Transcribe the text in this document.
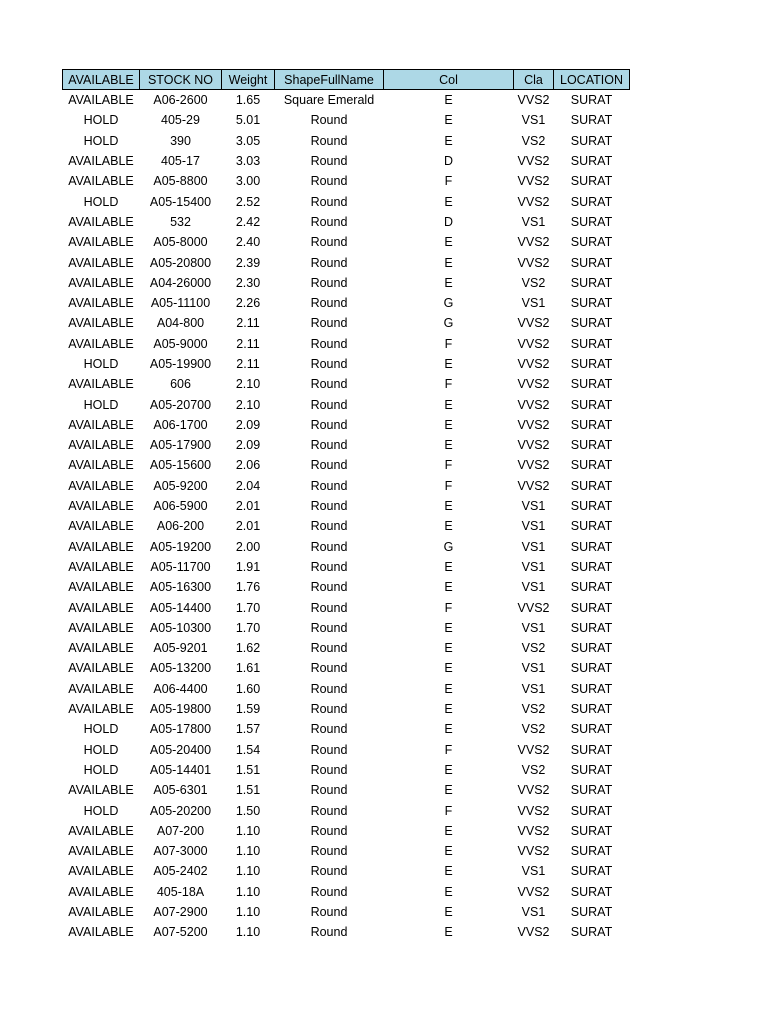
AVAILABLE	STOCK NO	Weight	ShapeFullName	Col	Cla	LOCATION
AVAILABLE	A06-2600	1.65	Square Emerald	E	VVS2	SURAT
HOLD	405-29	5.01	Round	E	VS1	SURAT
HOLD	390	3.05	Round	E	VS2	SURAT
AVAILABLE	405-17	3.03	Round	D	VVS2	SURAT
AVAILABLE	A05-8800	3.00	Round	F	VVS2	SURAT
HOLD	A05-15400	2.52	Round	E	VVS2	SURAT
AVAILABLE	532	2.42	Round	D	VS1	SURAT
AVAILABLE	A05-8000	2.40	Round	E	VVS2	SURAT
AVAILABLE	A05-20800	2.39	Round	E	VVS2	SURAT
AVAILABLE	A04-26000	2.30	Round	E	VS2	SURAT
AVAILABLE	A05-11100	2.26	Round	G	VS1	SURAT
AVAILABLE	A04-800	2.11	Round	G	VVS2	SURAT
AVAILABLE	A05-9000	2.11	Round	F	VVS2	SURAT
HOLD	A05-19900	2.11	Round	E	VVS2	SURAT
AVAILABLE	606	2.10	Round	F	VVS2	SURAT
HOLD	A05-20700	2.10	Round	E	VVS2	SURAT
AVAILABLE	A06-1700	2.09	Round	E	VVS2	SURAT
AVAILABLE	A05-17900	2.09	Round	E	VVS2	SURAT
AVAILABLE	A05-15600	2.06	Round	F	VVS2	SURAT
AVAILABLE	A05-9200	2.04	Round	F	VVS2	SURAT
AVAILABLE	A06-5900	2.01	Round	E	VS1	SURAT
AVAILABLE	A06-200	2.01	Round	E	VS1	SURAT
AVAILABLE	A05-19200	2.00	Round	G	VS1	SURAT
AVAILABLE	A05-11700	1.91	Round	E	VS1	SURAT
AVAILABLE	A05-16300	1.76	Round	E	VS1	SURAT
AVAILABLE	A05-14400	1.70	Round	F	VVS2	SURAT
AVAILABLE	A05-10300	1.70	Round	E	VS1	SURAT
AVAILABLE	A05-9201	1.62	Round	E	VS2	SURAT
AVAILABLE	A05-13200	1.61	Round	E	VS1	SURAT
AVAILABLE	A06-4400	1.60	Round	E	VS1	SURAT
AVAILABLE	A05-19800	1.59	Round	E	VS2	SURAT
HOLD	A05-17800	1.57	Round	E	VS2	SURAT
HOLD	A05-20400	1.54	Round	F	VVS2	SURAT
HOLD	A05-14401	1.51	Round	E	VS2	SURAT
AVAILABLE	A05-6301	1.51	Round	E	VVS2	SURAT
HOLD	A05-20200	1.50	Round	F	VVS2	SURAT
AVAILABLE	A07-200	1.10	Round	E	VVS2	SURAT
AVAILABLE	A07-3000	1.10	Round	E	VVS2	SURAT
AVAILABLE	A05-2402	1.10	Round	E	VS1	SURAT
AVAILABLE	405-18A	1.10	Round	E	VVS2	SURAT
AVAILABLE	A07-2900	1.10	Round	E	VS1	SURAT
AVAILABLE	A07-5200	1.10	Round	E	VVS2	SURAT
